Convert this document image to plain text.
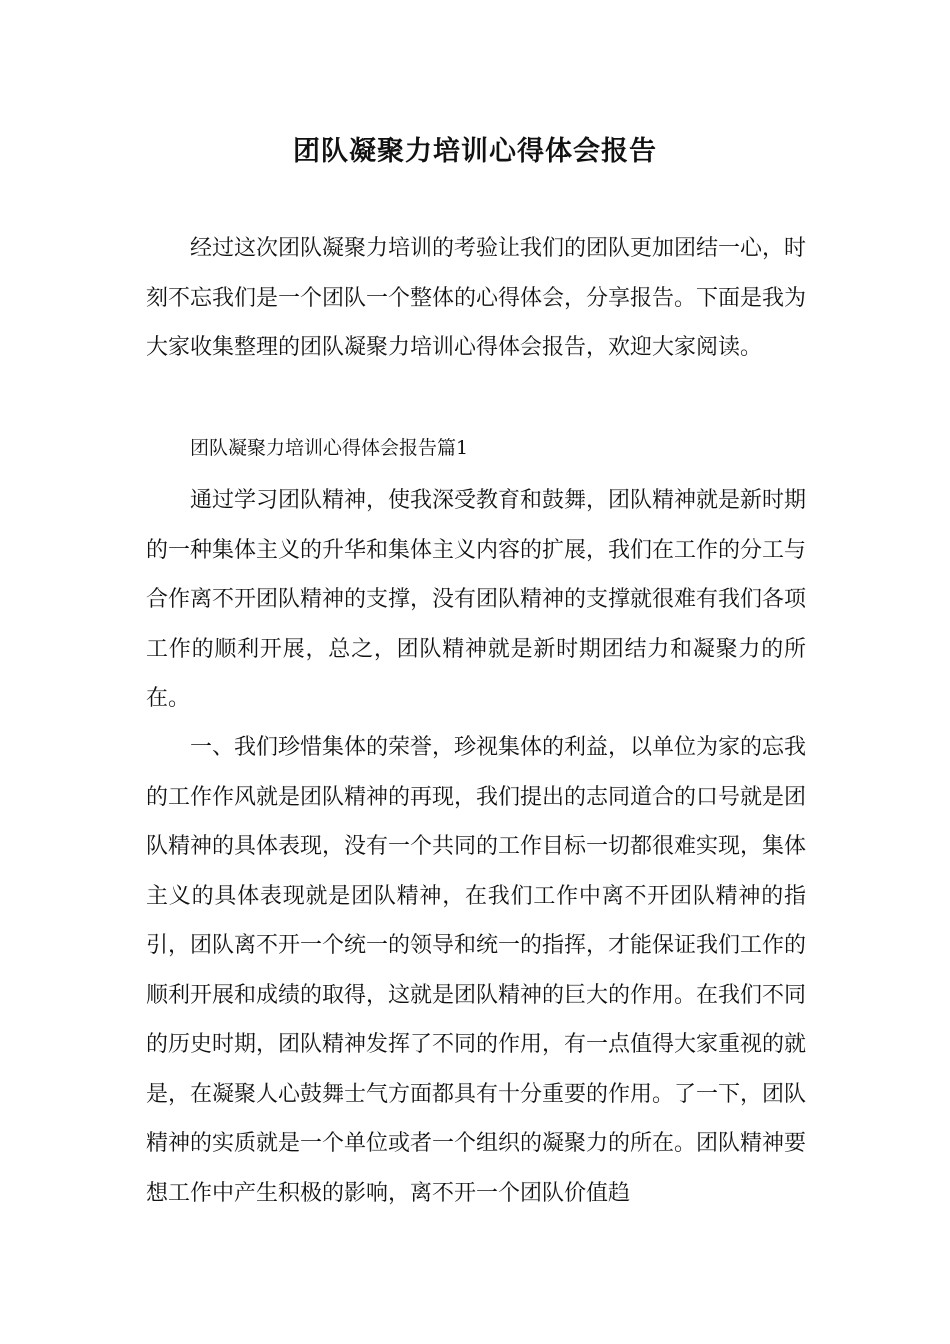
团队凝聚力培训心得体会报告
经过这次团队凝聚力培训的考验让我们的团队更加团结一心，时刻不忘我们是一个团队一个整体的心得体会，分享报告。下面是我为大家收集整理的团队凝聚力培训心得体会报告，欢迎大家阅读。
团队凝聚力培训心得体会报告篇1
通过学习团队精神，使我深受教育和鼓舞，团队精神就是新时期的一种集体主义的升华和集体主义内容的扩展，我们在工作的分工与合作离不开团队精神的支撑，没有团队精神的支撑就很难有我们各项工作的顺利开展，总之，团队精神就是新时期团结力和凝聚力的所在。
一、我们珍惜集体的荣誉，珍视集体的利益，以单位为家的忘我的工作作风就是团队精神的再现，我们提出的志同道合的口号就是团队精神的具体表现，没有一个共同的工作目标一切都很难实现，集体主义的具体表现就是团队精神，在我们工作中离不开团队精神的指引，团队离不开一个统一的领导和统一的指挥，才能保证我们工作的顺利开展和成绩的取得，这就是团队精神的巨大的作用。在我们不同的历史时期，团队精神发挥了不同的作用，有一点值得大家重视的就是，在凝聚人心鼓舞士气方面都具有十分重要的作用。了一下，团队精神的实质就是一个单位或者一个组织的凝聚力的所在。团队精神要想工作中产生积极的影响，离不开一个团队价值趋
